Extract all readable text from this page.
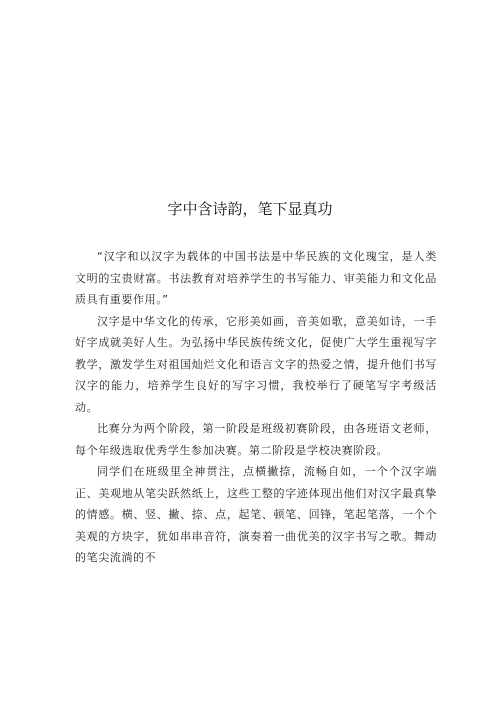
字中含诗韵，笔下显真功

“汉字和以汉字为载体的中国书法是中华民族的文化瑰宝，是人类文明的宝贵财富。书法教育对培养学生的书写能力、审美能力和文化品质具有重要作用。”

汉字是中华文化的传承，它形美如画，音美如歌，意美如诗，一手好字成就美好人生。为弘扬中华民族传统文化，促使广大学生重视写字教学，激发学生对祖国灿烂文化和语言文字的热爱之情，提升他们书写汉字的能力，培养学生良好的写字习惯，我校举行了硬笔写字考级活动。

比赛分为两个阶段，第一阶段是班级初赛阶段，由各班语文老师，每个年级选取优秀学生参加决赛。第二阶段是学校决赛阶段。

同学们在班级里全神贯注，点横撇捺，流畅自如，一个个汉字端正、美观地从笔尖跃然纸上，这些工整的字迹体现出他们对汉字最真挚的情感。横、竖、撇、捺、点，起笔、顿笔、回锋，笔起笔落，一个个美观的方块字，犹如串串音符，演奏着一曲优美的汉字书写之歌。舞动的笔尖流淌的不
